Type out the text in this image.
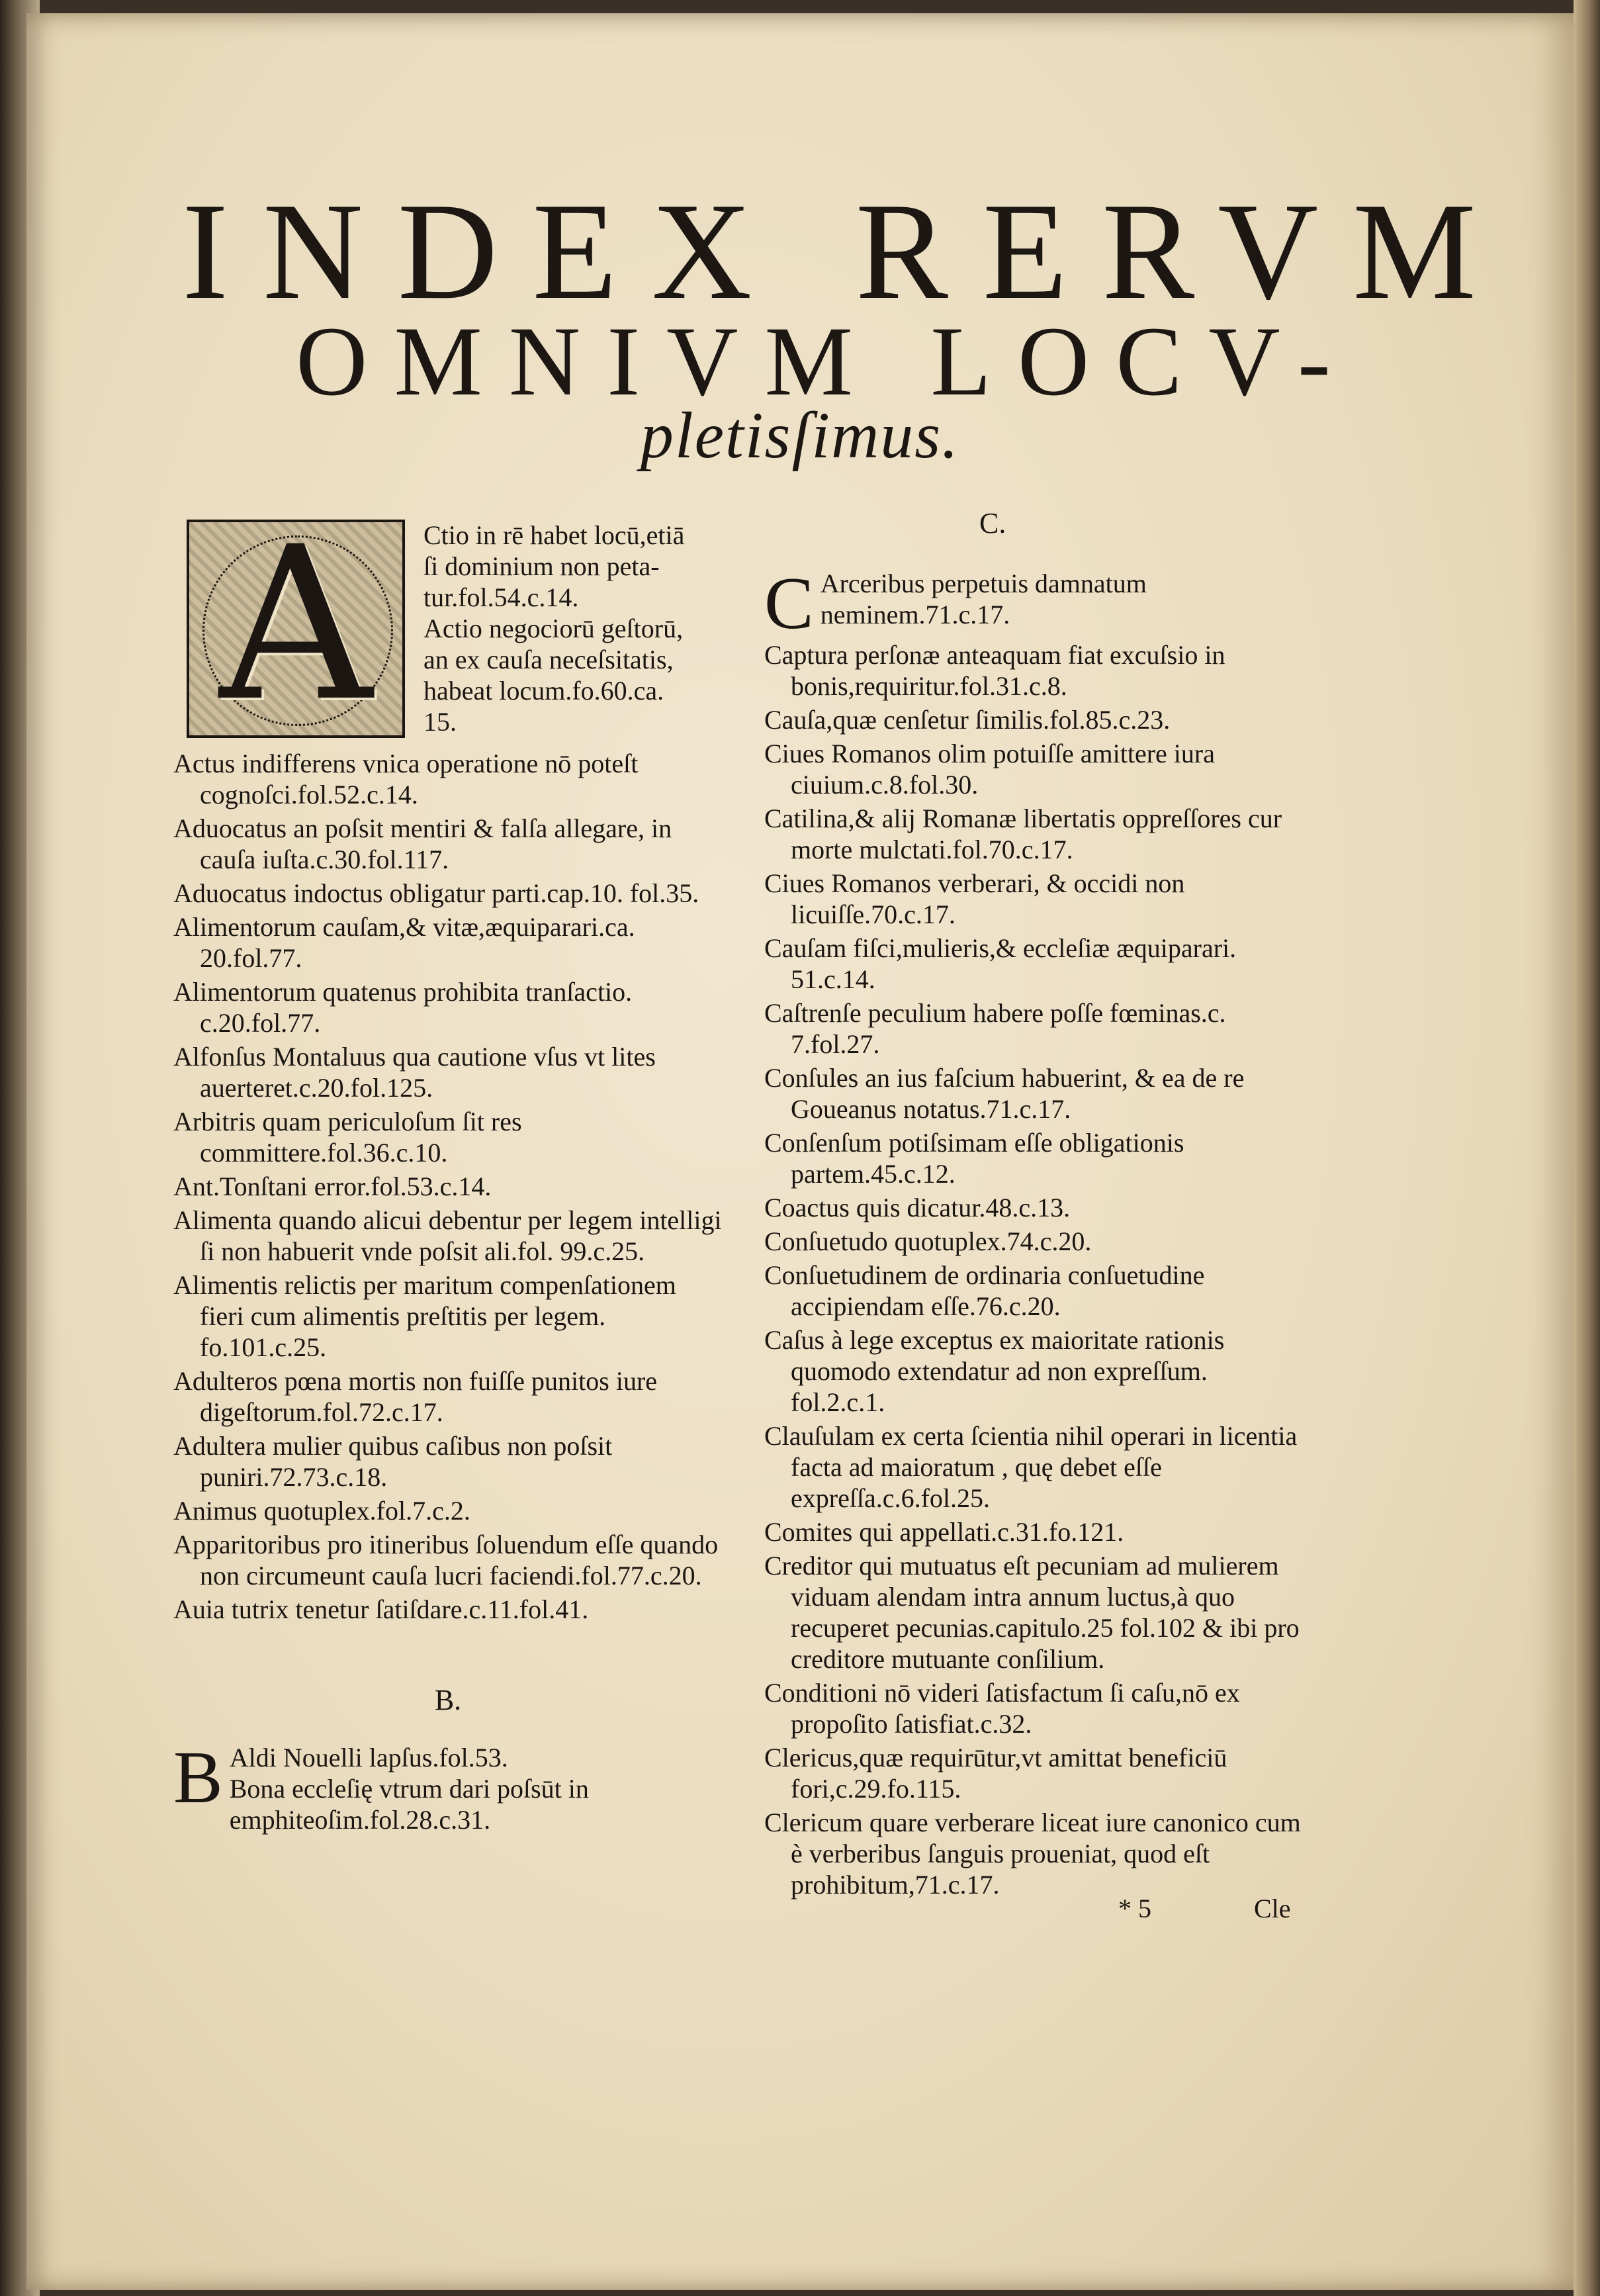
INDEX RERVM
OMNIVM LOCV-
pletisſimus.
A	Ctio in rē habet locū,etiā
ſi dominium non peta-
tur.fol.54.c.14.
Actio negociorū geſtorū,
an ex cauſa neceſsitatis,
habeat locum.fo.60.ca.
15.

Actus indifferens vnica operatione nō poteſt cognoſci.fol.52.c.14.

Aduocatus an poſsit mentiri & falſa allegare, in cauſa iuſta.c.30.fol.117.

Aduocatus indoctus obligatur parti.cap.10. fol.35.

Alimentorum cauſam,& vitæ,æquiparari.ca. 20.fol.77.

Alimentorum quatenus prohibita tranſactio. c.20.fol.77.

Alfonſus Montaluus qua cautione vſus vt lites auerteret.c.20.fol.125.

Arbitris quam periculoſum ſit res committere.fol.36.c.10.

Ant.Tonſtani error.fol.53.c.14.

Alimenta quando alicui debentur per legem intelligi ſi non habuerit vnde poſsit ali.fol. 99.c.25.

Alimentis relictis per maritum compenſationem fieri cum alimentis preſtitis per legem. fo.101.c.25.

Adulteros pœna mortis non fuiſſe punitos iure digeſtorum.fol.72.c.17.

Adultera mulier quibus caſibus non poſsit puniri.72.73.c.18.

Animus quotuplex.fol.7.c.2.

Apparitoribus pro itineribus ſoluendum eſſe quando non circumeunt cauſa lucri faciendi.fol.77.c.20.

Auia tutrix tenetur ſatiſdare.c.11.fol.41.

B.
B Aldi Nouelli lapſus.fol.53.
Bona eccleſię vtrum dari poſsūt in emphiteoſim.fol.28.c.31.
C.
C Arceribus perpetuis damnatum neminem.71.c.17.

Captura perſonæ anteaquam fiat excuſsio in bonis,requiritur.fol.31.c.8.

Cauſa,quæ cenſetur ſimilis.fol.85.c.23.

Ciues Romanos olim potuiſſe amittere iura ciuium.c.8.fol.30.

Catilina,& alij Romanæ libertatis oppreſſores cur morte mulctati.fol.70.c.17.

Ciues Romanos verberari, & occidi non licuiſſe.70.c.17.

Cauſam fiſci,mulieris,& eccleſiæ æquiparari. 51.c.14.

Caſtrenſe peculium habere poſſe fœminas.c. 7.fol.27.

Conſules an ius faſcium habuerint, & ea de re Goueanus notatus.71.c.17.

Conſenſum potiſsimam eſſe obligationis partem.45.c.12.

Coactus quis dicatur.48.c.13.

Conſuetudo quotuplex.74.c.20.

Conſuetudinem de ordinaria conſuetudine accipiendam eſſe.76.c.20.

Caſus à lege exceptus ex maioritate rationis quomodo extendatur ad non expreſſum. fol.2.c.1.

Clauſulam ex certa ſcientia nihil operari in licentia facta ad maioratum , quę debet eſſe expreſſa.c.6.fol.25.

Comites qui appellati.c.31.fo.121.

Creditor qui mutuatus eſt pecuniam ad mulierem viduam alendam intra annum luctus,à quo recuperet pecunias.capitulo.25 fol.102 & ibi pro creditore mutuante conſilium.

Conditioni nō videri ſatisfactum ſi caſu,nō ex propoſito ſatisfiat.c.32.

Clericus,quæ requirūtur,vt amittat beneficiū fori,c.29.fo.115.

Clericum quare verberare liceat iure canonico cum è verberibus ſanguis proueniat, quod eſt prohibitum,71.c.17.

* 5	Cle
